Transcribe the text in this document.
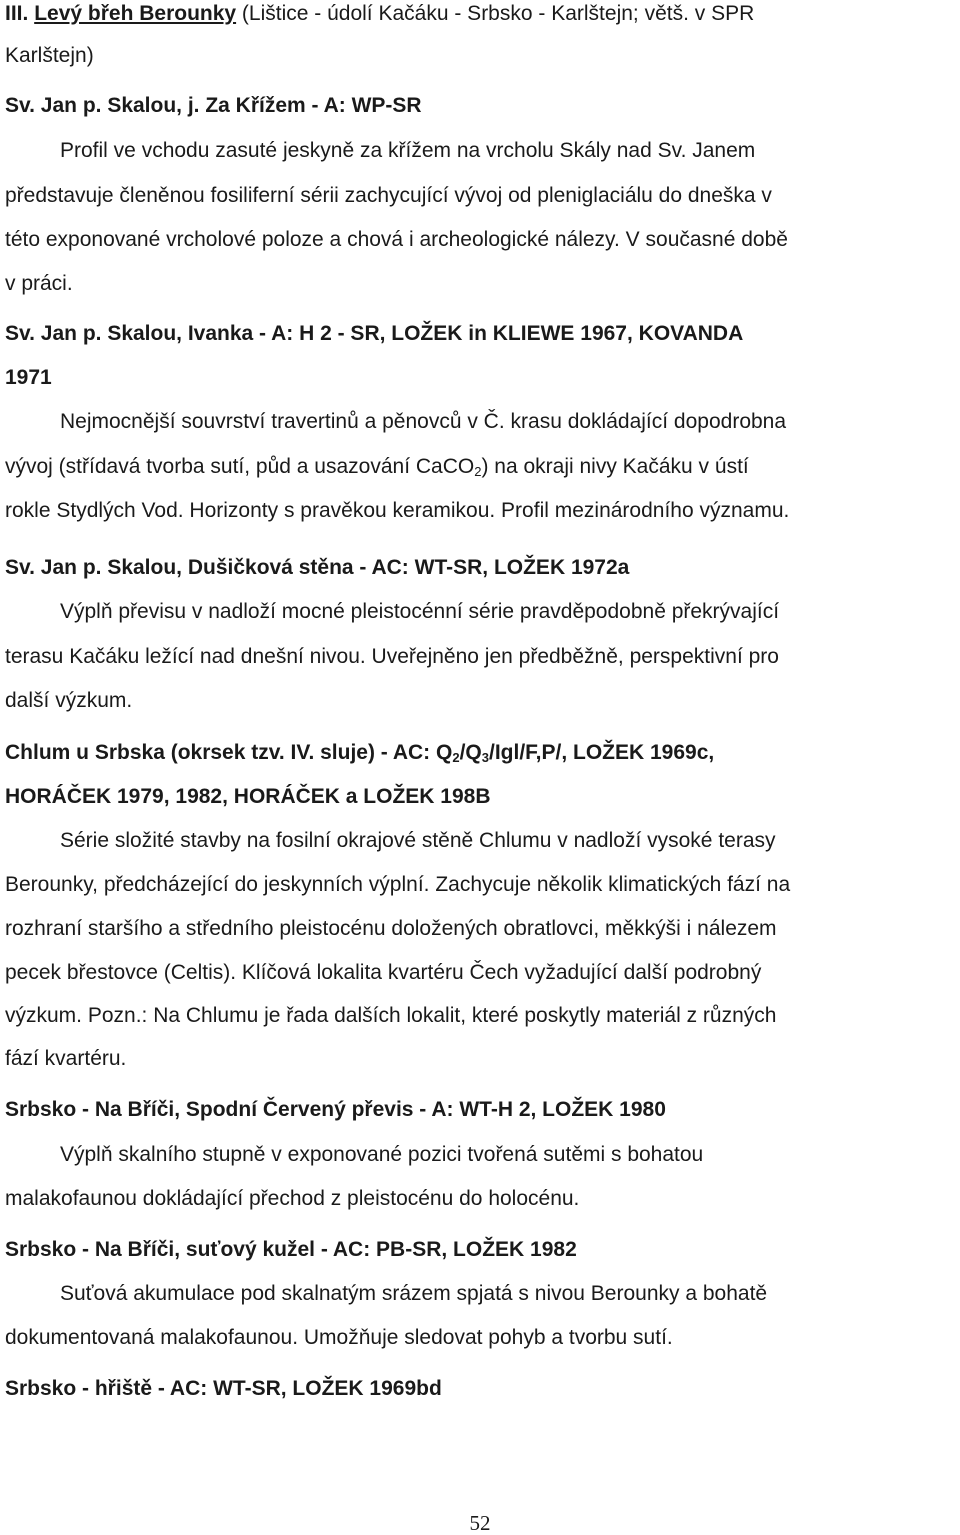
III. Levý břeh Berounky (Lištice - údolí Kačáku - Srbsko - Karlštejn; větš. v SPR
Karlštejn)
Sv. Jan p. Skalou, j. Za Křížem - A: WP-SR
Profil ve vchodu zasuté jeskyně za křížem na vrcholu Skály nad Sv. Janem
představuje členěnou fosiliferní sérii zachycující vývoj od pleniglaciálu do dneška v
této exponované vrcholové poloze a chová i archeologické nálezy. V současné době
v práci.
Sv. Jan p. Skalou, Ivanka - A: H 2 - SR, LOŽEK in KLIEWE 1967, KOVANDA
1971
Nejmocnější souvrství travertinů a pěnovců v Č. krasu dokládající dopodrobna
vývoj (střídavá tvorba sutí, půd a usazování CaCO$_2$) na okraji nivy Kačáku v ústí
rokle Stydlých Vod. Horizonty s pravěkou keramikou. Profil mezinárodního významu.
Sv. Jan p. Skalou, Dušičková stěna - AC: WT-SR, LOŽEK 1972a
Výplň převisu v nadloží mocné pleistocénní série pravděpodobně překrývající
terasu Kačáku ležící nad dnešní nivou. Uveřejněno jen předběžně, perspektivní pro
další výzkum.
Chlum u Srbska (okrsek tzv. IV. sluje) - AC: $Q_2/Q_3/Igl/F,P/$, LOŽEK 1969c,
HORÁČEK 1979, 1982, HORÁČEK a LOŽEK 198B
Série složité stavby na fosilní okrajové stěně Chlumu v nadloží vysoké terasy
Berounky, předcházející do jeskynních výplní. Zachycuje několik klimatických fází na
rozhraní staršího a středního pleistocénu doložených obratlovci, měkkýši i nálezem
pecek břestovce (Celtis). Klíčová lokalita kvartéru Čech vyžadující další podrobný
výzkum. Pozn.: Na Chlumu je řada dalších lokalit, které poskytly materiál z různých
fází kvartéru.
Srbsko - Na Bříči, Spodní Červený převis - A: WT-H 2, LOŽEK 1980
Výplň skalního stupně v exponované pozici tvořená sutěmi s bohatou
malakofaunou dokládající přechod z pleistocénu do holocénu.
Srbsko - Na Bříči, suťový kužel - AC: PB-SR, LOŽEK 1982
Suťová akumulace pod skalnatým srázem spjatá s nivou Berounky a bohatě
dokumentovaná malakofaunou. Umožňuje sledovat pohyb a tvorbu sutí.
Srbsko - hřiště - AC: WT-SR, LOŽEK 1969bd
52
